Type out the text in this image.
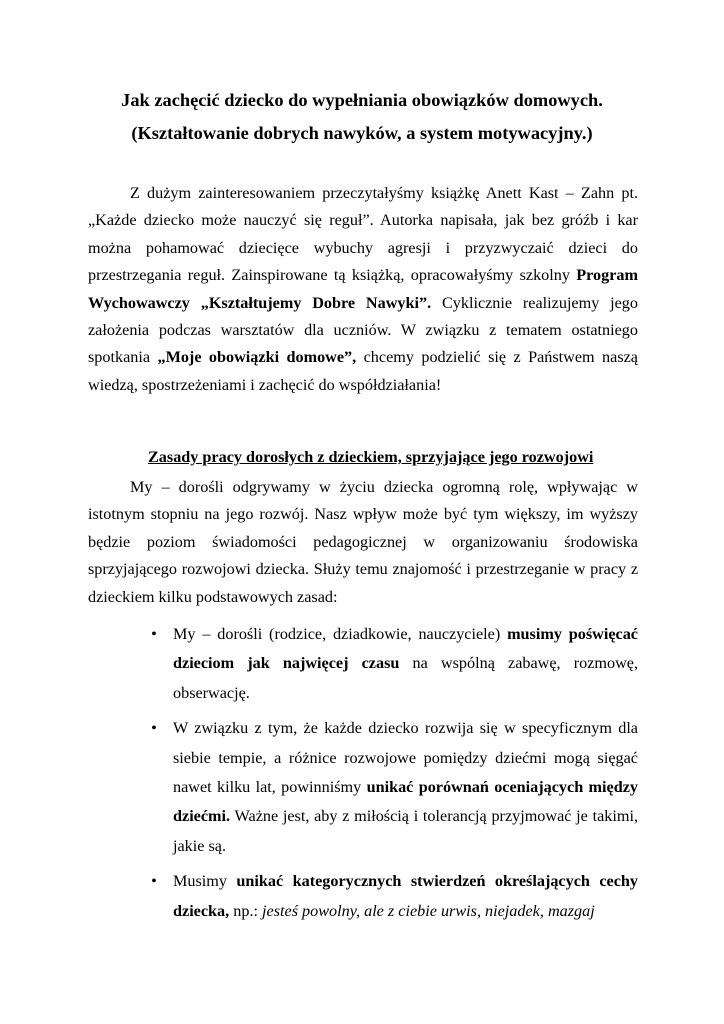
Jak zachęcić dziecko do wypełniania obowiązków domowych.
(Kształtowanie dobrych nawyków, a system motywacyjny.)

Z dużym zainteresowaniem przeczytałyśmy książkę Anett Kast – Zahn pt. „Każde dziecko może nauczyć się reguł”. Autorka napisała, jak bez gróźb i kar można pohamować dziecięce wybuchy agresji i przyzwyczaić dzieci do przestrzegania reguł. Zainspirowane tą książką, opracowałyśmy szkolny Program Wychowawczy „Kształtujemy Dobre Nawyki”. Cyklicznie realizujemy jego założenia podczas warsztatów dla uczniów. W związku z tematem ostatniego spotkania „Moje obowiązki domowe”, chcemy podzielić się z Państwem naszą wiedzą, spostrzeżeniami i zachęcić do współdziałania!

Zasady pracy dorosłych z dzieckiem, sprzyjające jego rozwojowi

My – dorośli odgrywamy w życiu dziecka ogromną rolę, wpływając w istotnym stopniu na jego rozwój. Nasz wpływ może być tym większy, im wyższy będzie poziom świadomości pedagogicznej w organizowaniu środowiska sprzyjającego rozwojowi dziecka. Służy temu znajomość i przestrzeganie w pracy z dzieckiem kilku podstawowych zasad:

• My – dorośli (rodzice, dziadkowie, nauczyciele) musimy poświęcać dzieciom jak najwięcej czasu na wspólną zabawę, rozmowę, obserwację.
• W związku z tym, że każde dziecko rozwija się w specyficznym dla siebie tempie, a różnice rozwojowe pomiędzy dziećmi mogą sięgać nawet kilku lat, powinniśmy unikać porównań oceniających między dziećmi. Ważne jest, aby z miłością i tolerancją przyjmować je takimi, jakie są.
• Musimy unikać kategorycznych stwierdzeń określających cechy dziecka, np.: jesteś powolny, ale z ciebie urwis, niejadek, mazgaj
